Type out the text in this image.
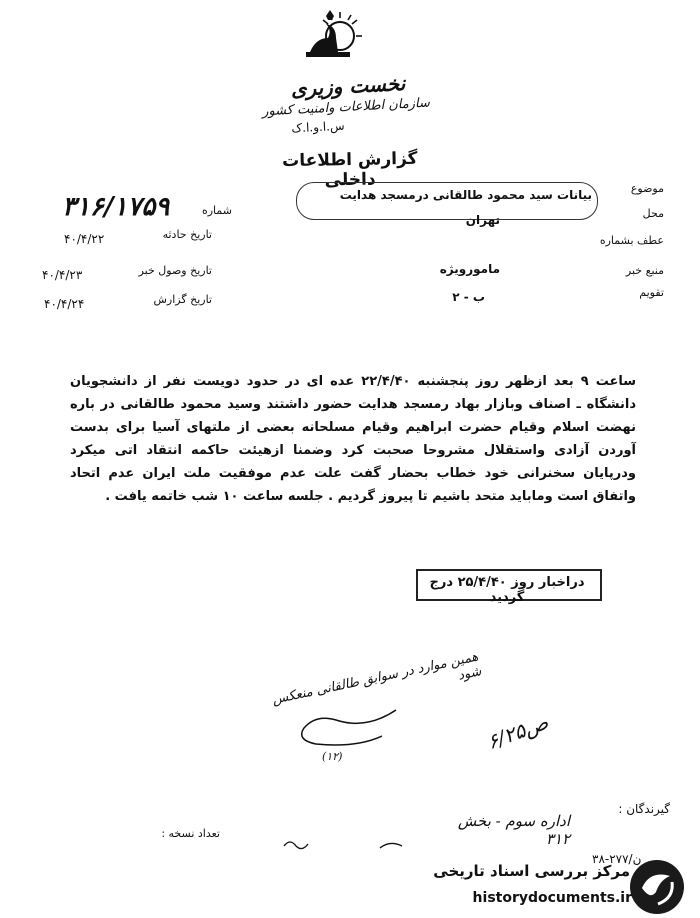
نخست وزیری
سازمان اطلاعات وامنیت کشور
س.ا.و.ا.ک
گزارش اطلاعات داخلی	موضوع
محل
عطف بشماره
منبع خبر
تقویم
بیانات سید محمود طالقانی درمسجد هدایت
تهران
مامورویژه
ب - ۲
۳۱۶/۱۷۵۹	شماره
تاریخ حادثه
۴۰/۴/۲۲
تاریخ وصول خبر
۴۰/۴/۲۳
تاریخ گزارش
۴۰/۴/۲۴
ساعت ۹ بعد ازظهر روز پنجشنبه ۲۲/۴/۴۰ عده ای در حدود دویست نفر از دانشجویان دانشگاه ـ اصناف وبازار بهاد رمسجد هدایت حضور داشتند وسید محمود طالقانی در باره نهضت اسلام وقیام حضرت ابراهیم وقیام مسلحانه بعضی از ملتهای آسیا برای بدست آوردن آزادی واستقلال مشروحا صحبت کرد وضمنا ازهیئت حاکمه انتقاد اتی میکرد ودرپایان سخنرانی خود خطاب بحضار گفت علت عدم موفقیت ملت ایران عدم اتحاد واتفاق است ومابايد متحد باشیم تا پیروز گردیم . جلسه ساعت ۱۰ شب خاتمه یافت .
دراخبار روز ۲۵/۴/۴۰ درج گردید
همین موارد در سوابق طالقانی منعکس شود
ص۶/۲۵
(۱۲)
گیرندگان :
اداره سوم - بخش ۳۱۲
تعداد نسخه :
۳۸-۲۷۷/ن
مرکز بررسی اسناد تاریخی
historydocuments.ir
